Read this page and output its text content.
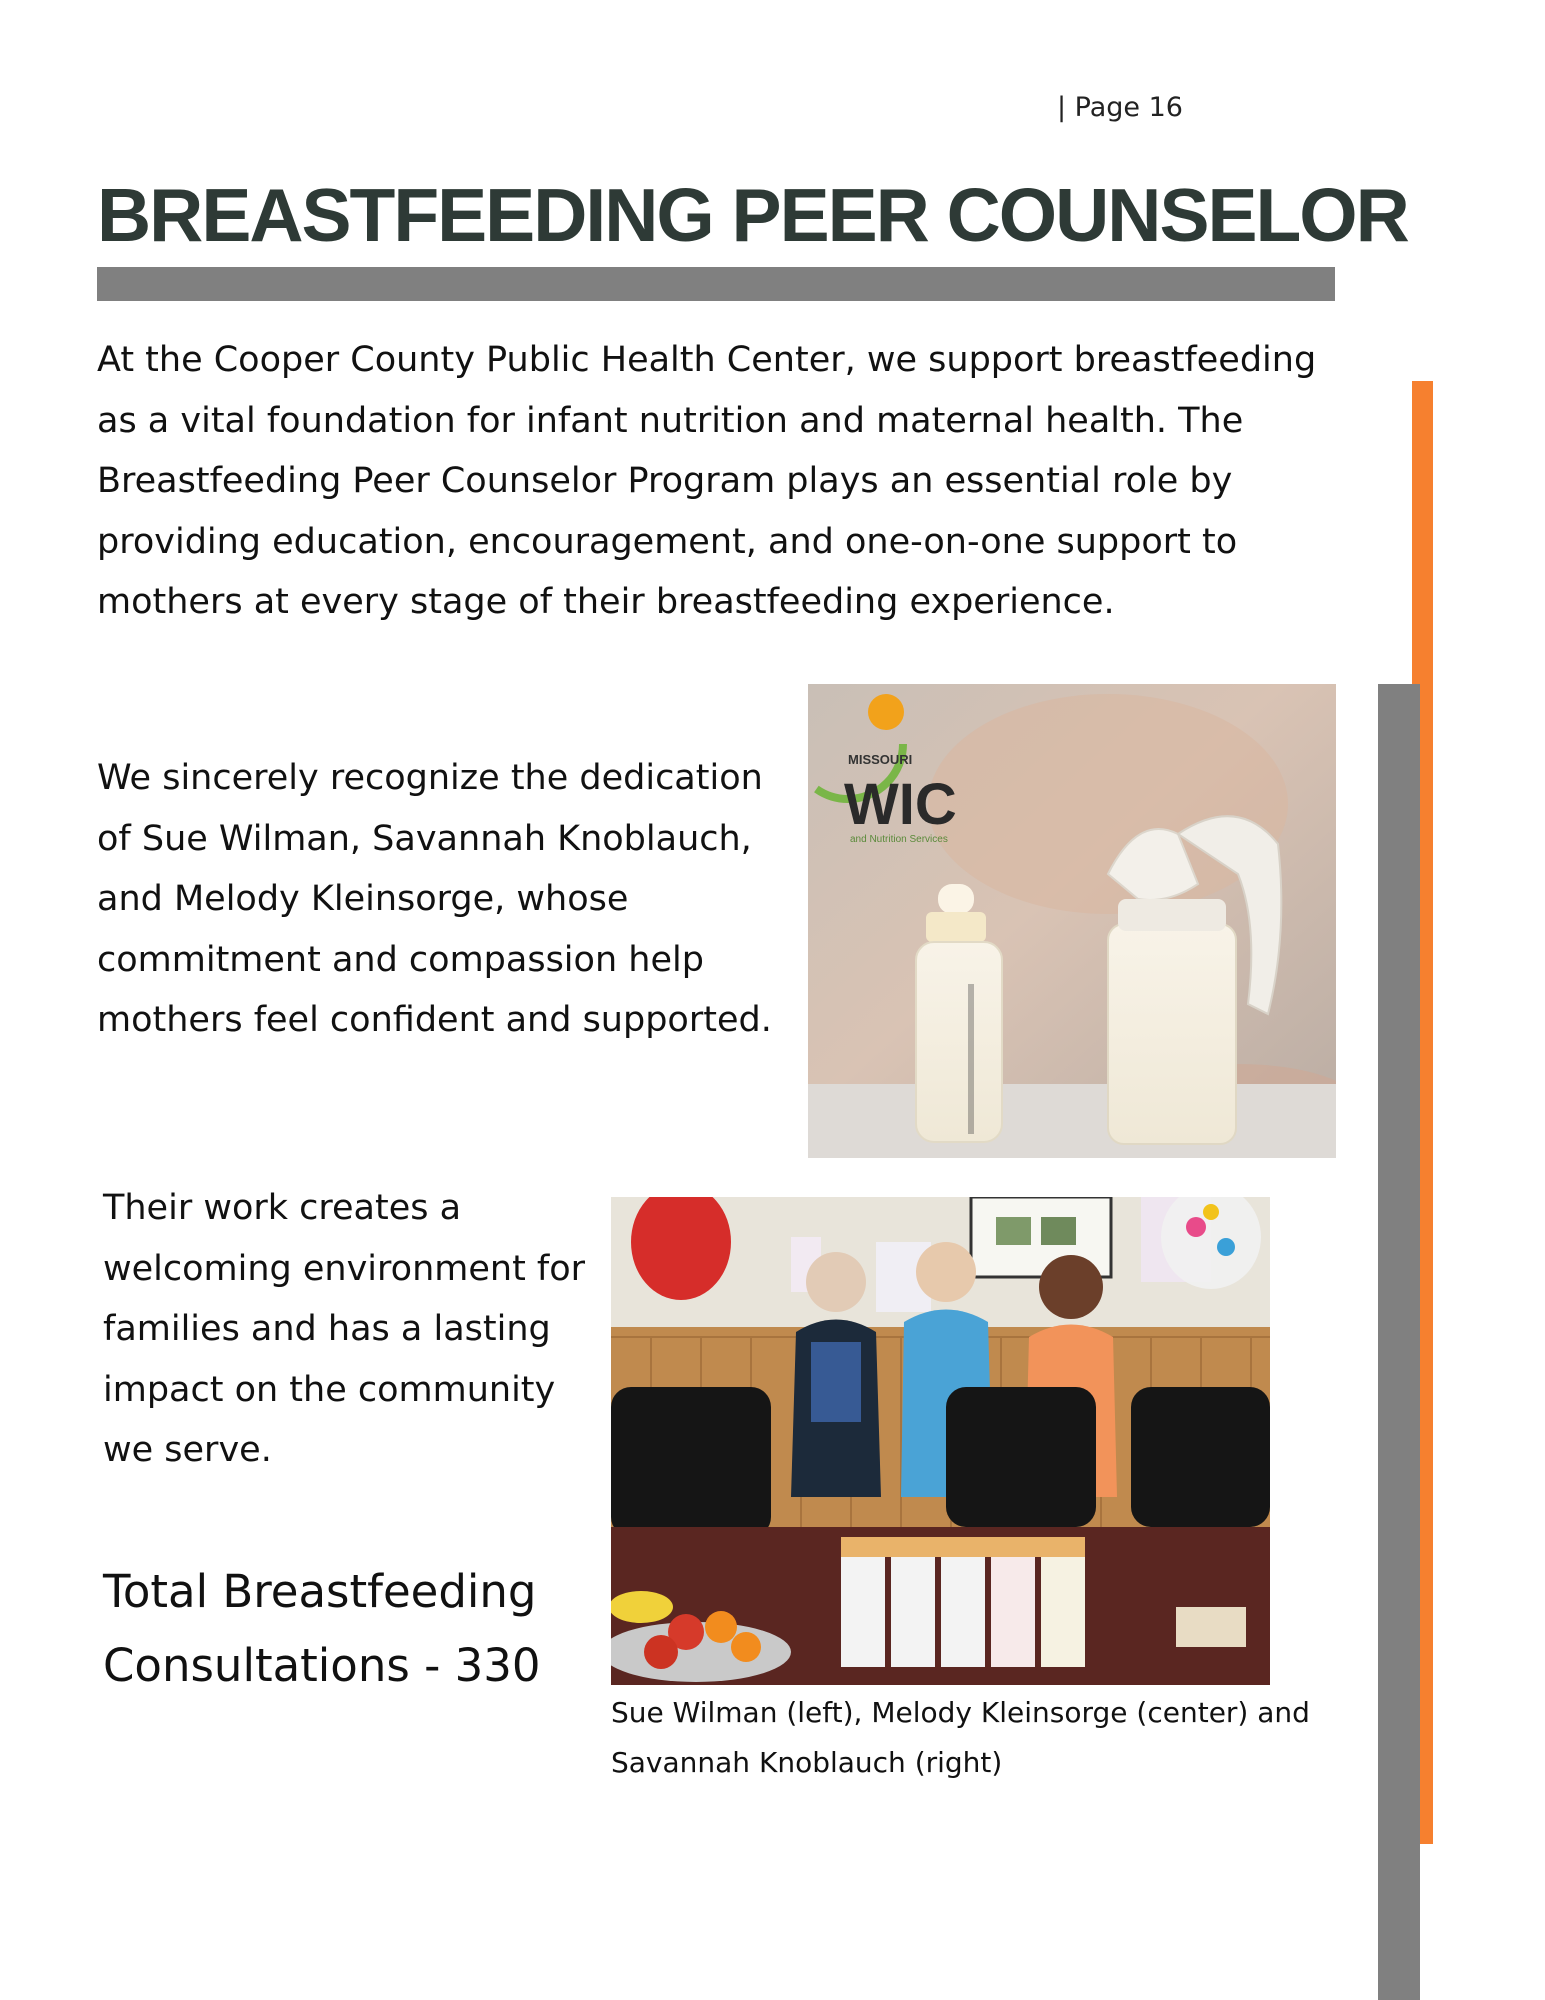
| Page 16
BREASTFEEDING PEER COUNSELOR

At the Cooper County Public Health Center, we support breastfeeding as a vital foundation for infant nutrition and maternal health. The Breastfeeding Peer Counselor Program plays an essential role by providing education, encouragement, and one-on-one support to mothers at every stage of their breastfeeding experience.

We sincerely recognize the dedication of Sue Wilman, Savannah Knoblauch, and Melody Kleinsorge, whose commitment and compassion help mothers feel confident and supported.

MISSOURI
WIC
and Nutrition Services

Their work creates a welcoming environment for families and has a lasting impact on the community we serve.

Total Breastfeeding Consultations - 330

Sue Wilman (left), Melody Kleinsorge (center) and Savannah Knoblauch (right)
